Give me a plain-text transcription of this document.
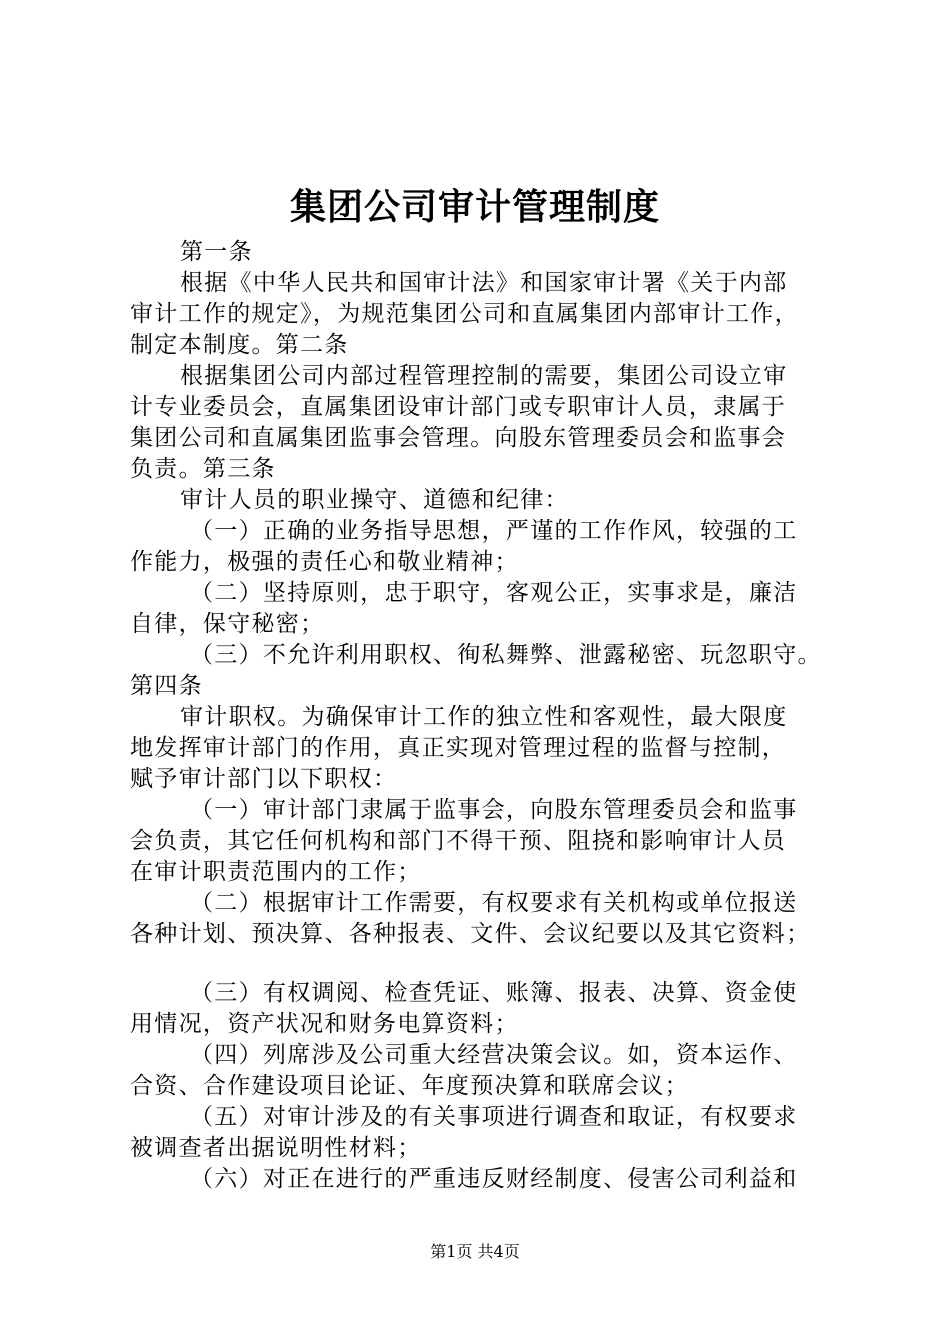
集团公司审计管理制度
第一条
根据《中华人民共和国审计法》和国家审计署《关于内部
审计工作的规定》，为规范集团公司和直属集团内部审计工作，
制定本制度。第二条
根据集团公司内部过程管理控制的需要，集团公司设立审
计专业委员会，直属集团设审计部门或专职审计人员，隶属于
集团公司和直属集团监事会管理。向股东管理委员会和监事会
负责。第三条
审计人员的职业操守、道德和纪律：
（一）正确的业务指导思想，严谨的工作作风，较强的工
作能力，极强的责任心和敬业精神；
（二）坚持原则，忠于职守，客观公正，实事求是，廉洁
自律，保守秘密；
（三）不允许利用职权、徇私舞弊、泄露秘密、玩忽职守。
第四条
审计职权。为确保审计工作的独立性和客观性，最大限度
地发挥审计部门的作用，真正实现对管理过程的监督与控制，
赋予审计部门以下职权：
（一）审计部门隶属于监事会，向股东管理委员会和监事
会负责，其它任何机构和部门不得干预、阻挠和影响审计人员
在审计职责范围内的工作；
（二）根据审计工作需要，有权要求有关机构或单位报送
各种计划、预决算、各种报表、文件、会议纪要以及其它资料；
（三）有权调阅、检查凭证、账簿、报表、决算、资金使
用情况，资产状况和财务电算资料；
（四）列席涉及公司重大经营决策会议。如，资本运作、
合资、合作建设项目论证、年度预决算和联席会议；
（五）对审计涉及的有关事项进行调查和取证，有权要求
被调查者出据说明性材料；
（六）对正在进行的严重违反财经制度、侵害公司利益和
第1页 共4页
